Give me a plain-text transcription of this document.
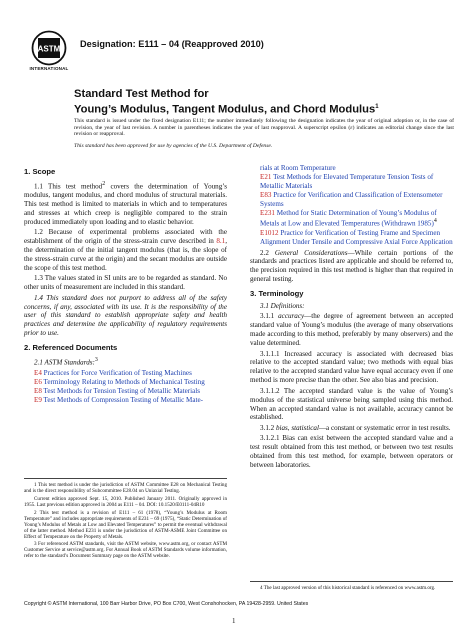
ASTM
INTERNATIONAL
Designation: E111 – 04 (Reapproved 2010)
Standard Test Method for
Young’s Modulus, Tangent Modulus, and Chord Modulus$^1$
This standard is issued under the fixed designation E111; the number immediately following the designation indicates the year of original adoption or, in the case of revision, the year of last revision. A number in parentheses indicates the year of last reapproval. A superscript epsilon (ε) indicates an editorial change since the last revision or reapproval.
This standard has been approved for use by agencies of the U.S. Department of Defense.
1. Scope

1.1 This test method$^2$ covers the determination of Young’s modulus, tangent modulus, and chord modulus of structural materials. This test method is limited to materials in which and to temperatures and stresses at which creep is negligible compared to the strain produced immediately upon loading and to elastic behavior.

1.2 Because of experimental problems associated with the establishment of the origin of the stress-strain curve described in 8.1, the determination of the initial tangent modulus (that is, the slope of the stress-strain curve at the origin) and the secant modulus are outside the scope of this test method.

1.3 The values stated in SI units are to be regarded as standard. No other units of measurement are included in this standard.

1.4 This standard does not purport to address all of the safety concerns, if any, associated with its use. It is the responsibility of the user of this standard to establish appropriate safety and health practices and determine the applicability of regulatory requirements prior to use.

2. Referenced Documents

2.1 ASTM Standards:$^3$

E4 Practices for Force Verification of Testing Machines
E6 Terminology Relating to Methods of Mechanical Testing
E8 Test Methods for Tension Testing of Metallic Materials
E9 Test Methods of Compression Testing of Metallic Mate-

1 This test method is under the jurisdiction of ASTM Committee E28 on Mechanical Testing and is the direct responsibility of Subcommittee E28.04 on Uniaxial Testing.

Current edition approved Sept. 15, 2010. Published January 2011. Originally approved in 1955. Last previous edition approved in 2004 as E111 – 04. DOI: 10.1520/E0111-04R10

2 This test method is a revision of E111 – 61 (1978), “Young’s Modulus at Room Temperature” and includes appropriate requirements of E231 – 69 (1975), “Static Determination of Young’s Modulus of Metals at Low and Elevated Temperatures” to permit the eventual withdrawal of the latter method. Method E231 is under the jurisdiction of ASTM-ASME Joint Committee on Effect of Temperature on the Property of Metals.

3 For referenced ASTM standards, visit the ASTM website, www.astm.org, or contact ASTM Customer Service at service@astm.org. For Annual Book of ASTM Standards volume information, refer to the standard’s Document Summary page on the ASTM website.

rials at Room Temperature
E21 Test Methods for Elevated Temperature Tension Tests of Metallic Materials
E83 Practice for Verification and Classification of Extensometer Systems
E231 Method for Static Determination of Young’s Modulus of Metals at Low and Elevated Temperatures (Withdrawn 1985)$^4$
E1012 Practice for Verification of Testing Frame and Specimen Alignment Under Tensile and Compressive Axial Force Application

2.2 General Considerations—While certain portions of the standards and practices listed are applicable and should be referred to, the precision required in this test method is higher than that required in general testing.

3. Terminology

3.1 Definitions:

3.1.1 accuracy—the degree of agreement between an accepted standard value of Young’s modulus (the average of many observations made according to this method, preferably by many observers) and the value determined.

3.1.1.1 Increased accuracy is associated with decreased bias relative to the accepted standard value; two methods with equal bias relative to the accepted standard value have equal accuracy even if one method is more precise than the other. See also bias and precision.

3.1.1.2 The accepted standard value is the value of Young’s modulus of the statistical universe being sampled using this method. When an accepted standard value is not available, accuracy cannot be established.

3.1.2 bias, statistical—a constant or systematic error in test results.

3.1.2.1 Bias can exist between the accepted standard value and a test result obtained from this test method, or between two test results obtained from this test method, for example, between operators or between laboratories.

4 The last approved version of this historical standard is referenced on www.astm.org.

Copyright © ASTM International, 100 Barr Harbor Drive, PO Box C700, West Conshohocken, PA 19428-2959. United States
1
